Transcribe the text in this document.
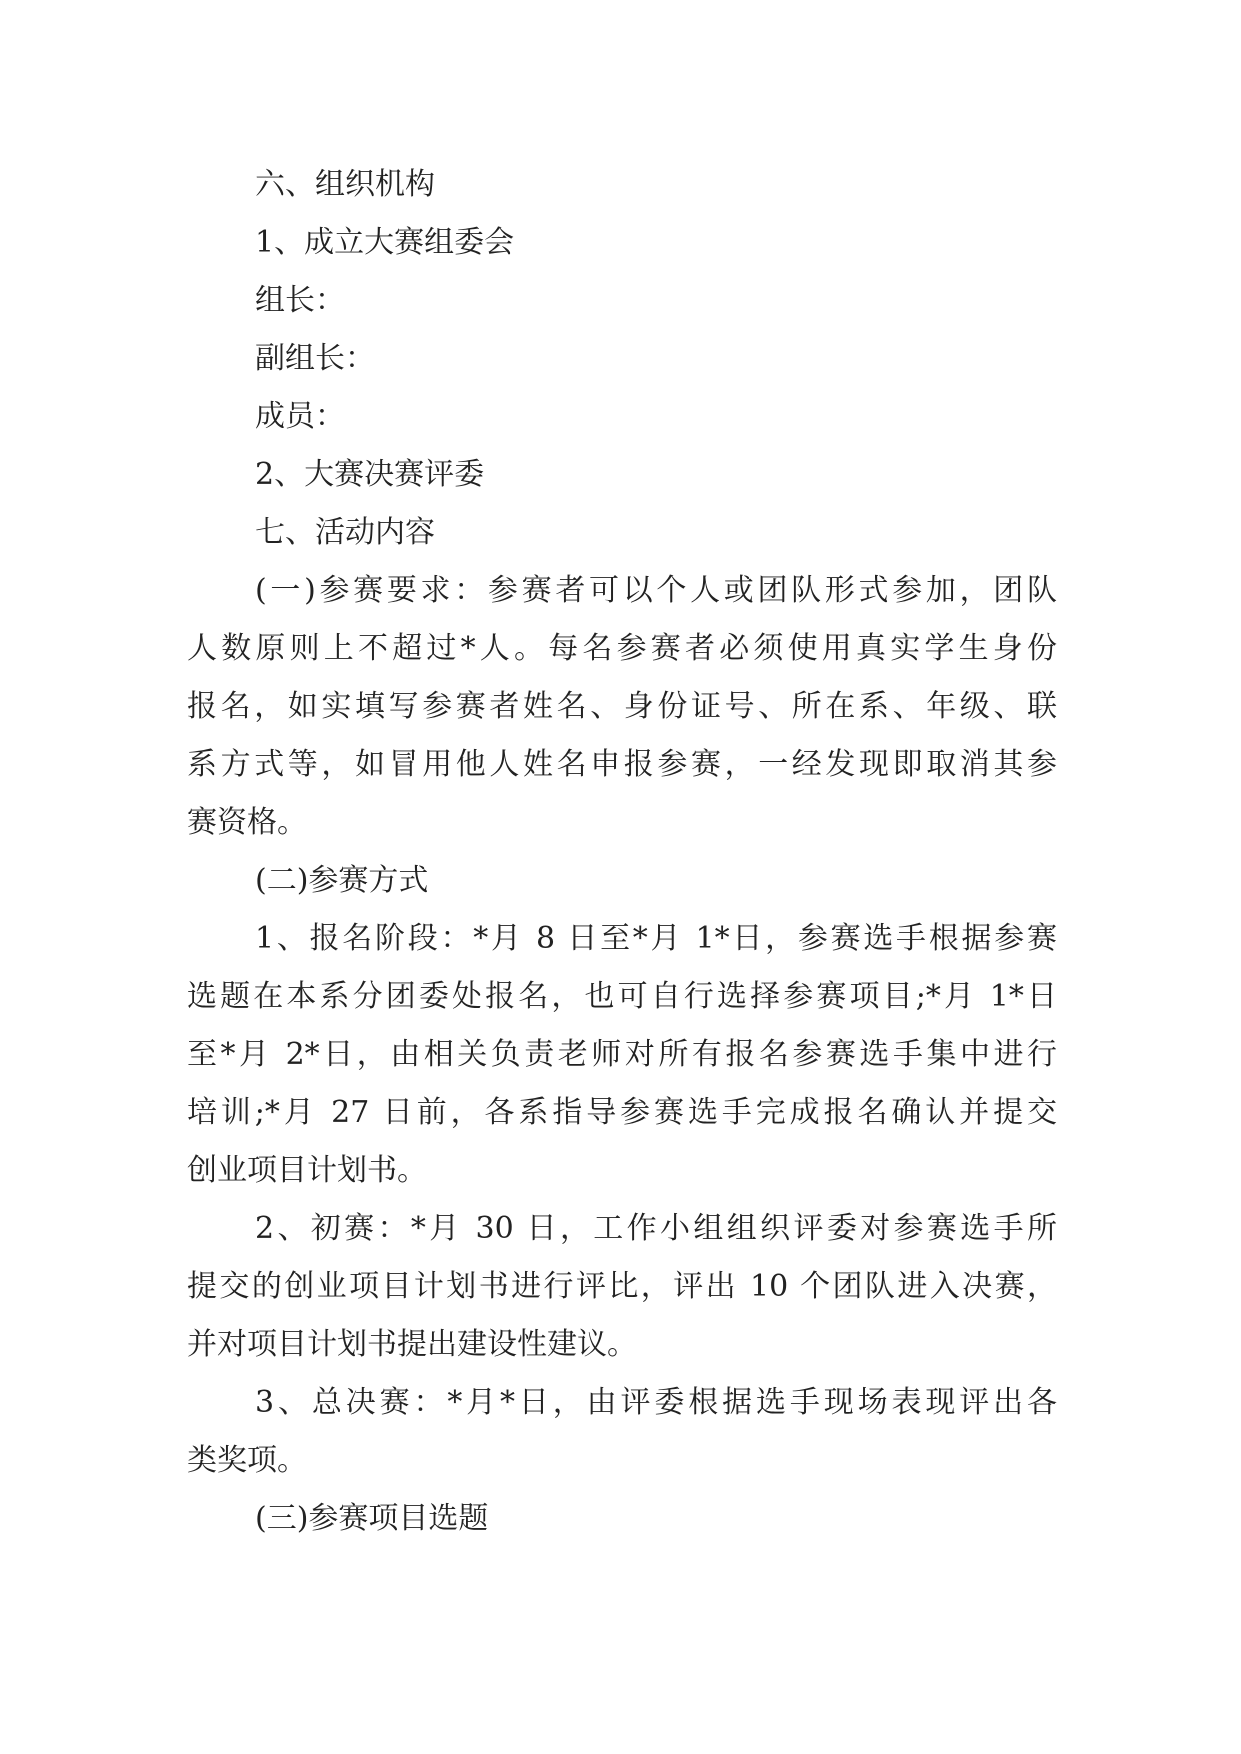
六、组织机构
1、成立大赛组委会
组长：
副组长：
成员：
2、大赛决赛评委
七、活动内容
(一)参赛要求：参赛者可以个人或团队形式参加，团队
人数原则上不超过*人。每名参赛者必须使用真实学生身份
报名，如实填写参赛者姓名、身份证号、所在系、年级、联
系方式等，如冒用他人姓名申报参赛，一经发现即取消其参
赛资格。
(二)参赛方式
1、报名阶段：*月 8 日至*月 1*日，参赛选手根据参赛
选题在本系分团委处报名，也可自行选择参赛项目;*月 1*日
至*月 2*日，由相关负责老师对所有报名参赛选手集中进行
培训;*月 27 日前，各系指导参赛选手完成报名确认并提交
创业项目计划书。
2、初赛：*月 30 日，工作小组组织评委对参赛选手所
提交的创业项目计划书进行评比，评出 10 个团队进入决赛，
并对项目计划书提出建设性建议。
3、总决赛：*月*日，由评委根据选手现场表现评出各
类奖项。
(三)参赛项目选题
